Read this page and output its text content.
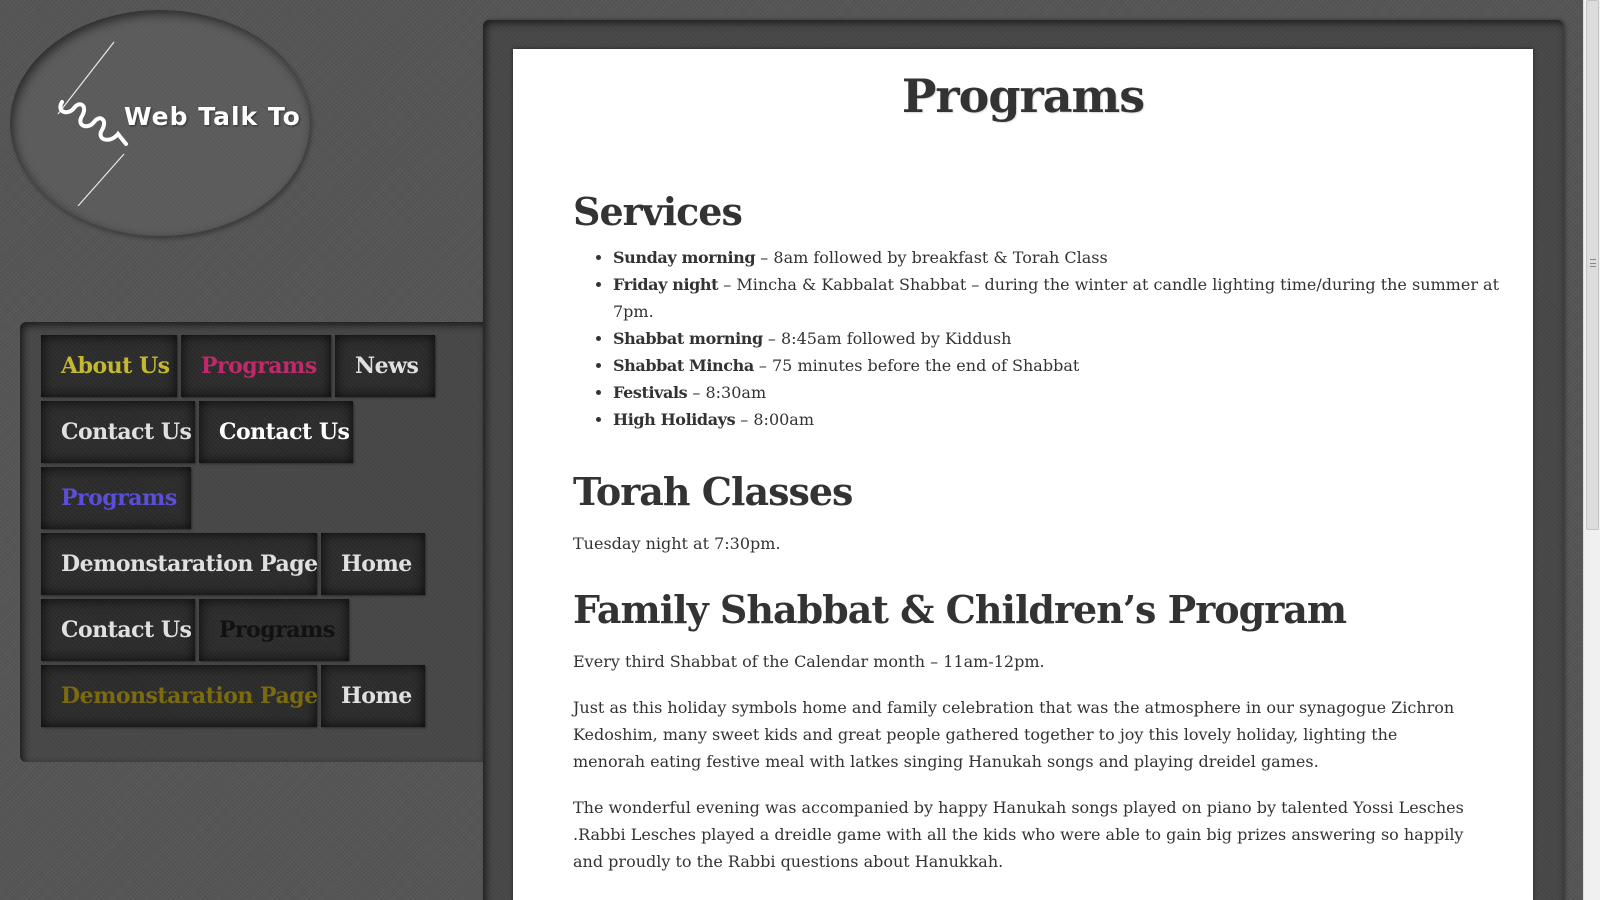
Web Talk To
About Us	Programs	News
Contact Us	Contact Us
Programs
Demonstaration Page	Home
Contact Us	Programs
Demonstaration Page	Home
Programs
Services
• Sunday morning – 8am followed by breakfast & Torah Class
• Friday night – Mincha & Kabbalat Shabbat – during the winter at candle lighting time/during the summer at 7pm.
• Shabbat morning – 8:45am followed by Kiddush
• Shabbat Mincha – 75 minutes before the end of Shabbat
• Festivals – 8:30am
• High Holidays – 8:00am
Torah Classes

Tuesday night at 7:30pm.

Family Shabbat & Children’s Program

Every third Shabbat of the Calendar month – 11am-12pm.

Just as this holiday symbols home and family celebration that was the atmosphere in our synagogue Zichron Kedoshim, many sweet kids and great people gathered together to joy this lovely holiday, lighting the menorah eating festive meal with latkes singing Hanukah songs and playing dreidel games.

The wonderful evening was accompanied by happy Hanukah songs played on piano by talented Yossi Lesches .Rabbi Lesches played a dreidle game with all the kids who were able to gain big prizes answering so happily and proudly to the Rabbi questions about Hanukkah.
